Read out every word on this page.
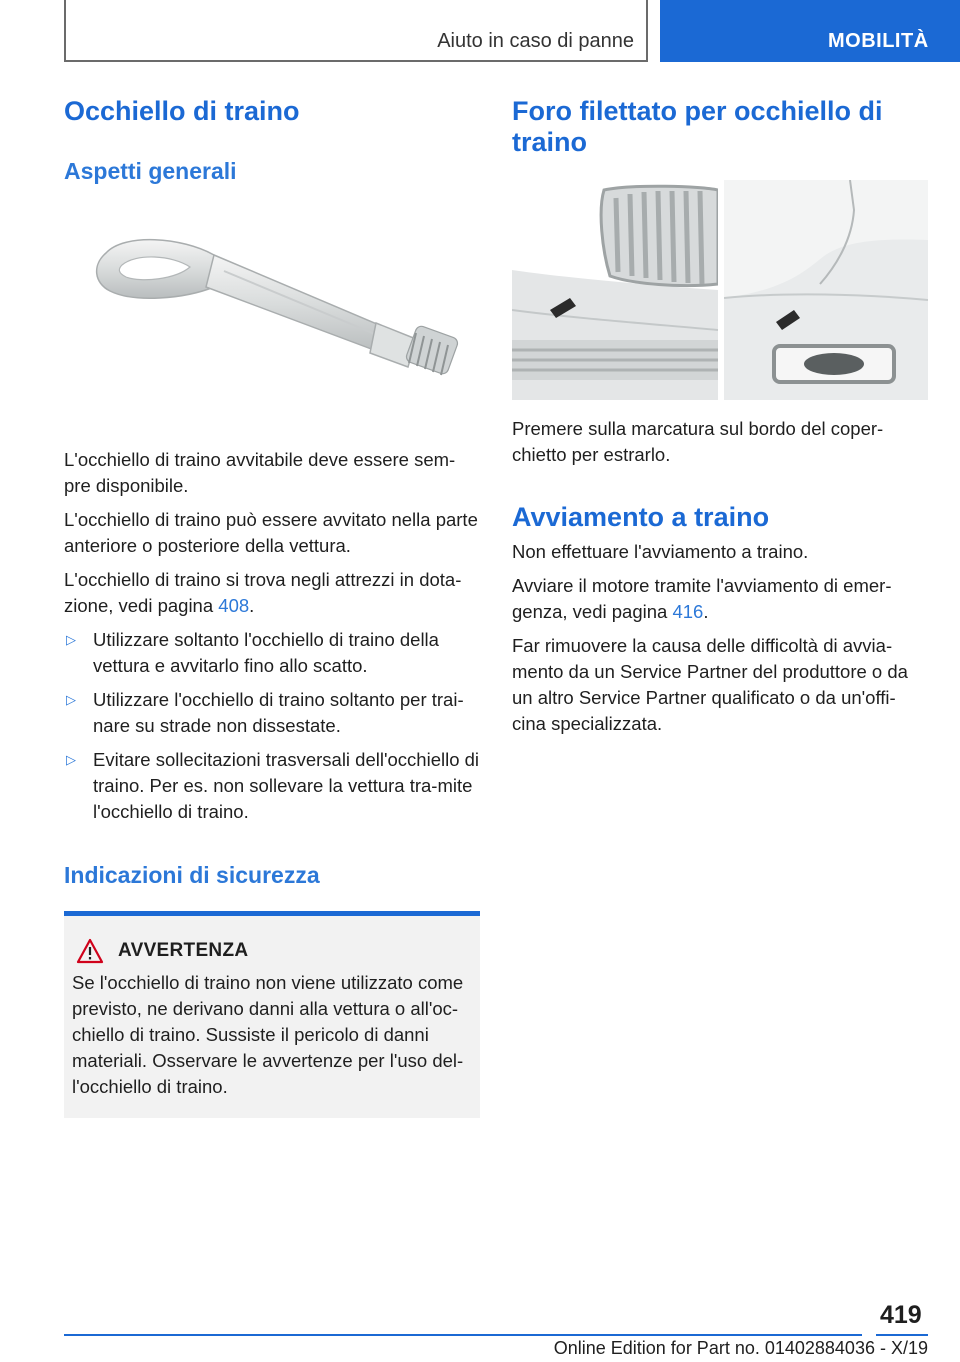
Aiuto in caso di panne	MOBILITÀ
Occhiello di traino
Aspetti generali

L'occhiello di traino avvitabile deve essere sem‐pre disponibile.

L'occhiello di traino può essere avvitato nella parte anteriore o posteriore della vettura.

L'occhiello di traino si trova negli attrezzi in dota‐zione, vedi pagina 408.

▷ Utilizzare soltanto l'occhiello di traino della vettura e avvitarlo fino allo scatto.
▷ Utilizzare l'occhiello di traino soltanto per trai‐nare su strade non dissestate.
▷ Evitare sollecitazioni trasversali dell'occhiello di traino. Per es. non sollevare la vettura tra‐mite l'occhiello di traino.
Indicazioni di sicurezza
AVVERTENZA

Se l'occhiello di traino non viene utilizzato come previsto, ne derivano danni alla vettura o all'oc‐chiello di traino. Sussiste il pericolo di danni materiali. Osservare le avvertenze per l'uso del‐l'occhiello di traino.

Foro filettato per occhiello di traino

Premere sulla marcatura sul bordo del coper‐chietto per estrarlo.

Avviamento a traino

Non effettuare l'avviamento a traino.

Avviare il motore tramite l'avviamento di emer‐genza, vedi pagina 416.

Far rimuovere la causa delle difficoltà di avvia‐mento da un Service Partner del produttore o da un altro Service Partner qualificato o da un'offi‐cina specializzata.

419
Online Edition for Part no. 01402884036 - X/19
